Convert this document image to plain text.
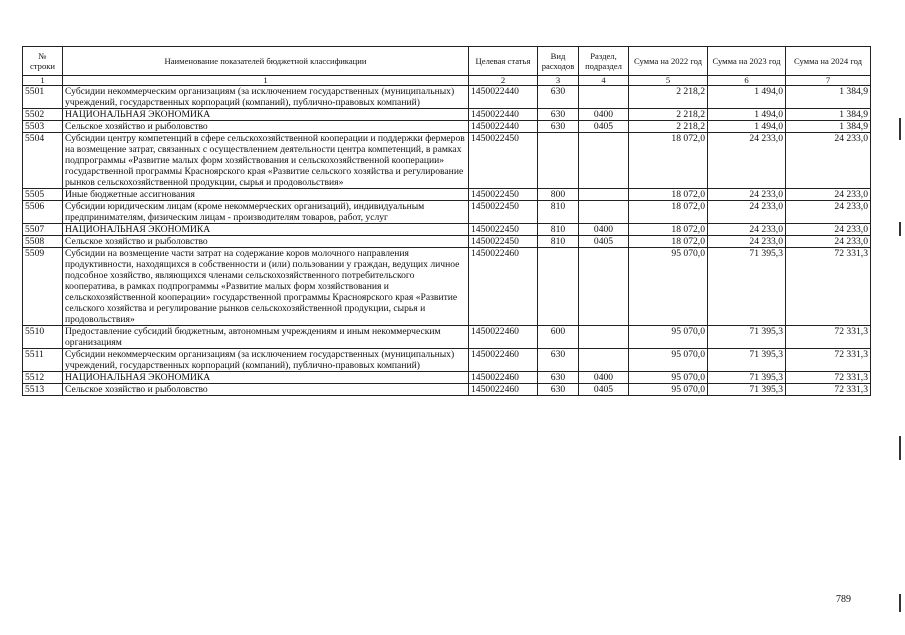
№
строки	Наименование показателей бюджетной классификации	Целевая статья	Вид расходов	Раздел, подраздел	Сумма на 2022 год	Сумма на 2023 год	Сумма на 2024 год
1	1	2	3	4	5	6	7
5501	Субсидии некоммерческим организациям (за исключением государственных (муниципальных) учреждений, государственных корпораций (компаний), публично-правовых компаний)	1450022440	630		2 218,2	1 494,0	1 384,9
5502	НАЦИОНАЛЬНАЯ ЭКОНОМИКА	1450022440	630	0400	2 218,2	1 494,0	1 384,9
5503	Сельское хозяйство и рыболовство	1450022440	630	0405	2 218,2	1 494,0	1 384,9
5504	Субсидии центру компетенций в сфере сельскохозяйственной кооперации и поддержки фермеров на возмещение затрат, связанных с осуществлением деятельности центра компетенций, в рамках подпрограммы «Развитие малых форм хозяйствования и сельскохозяйственной кооперации» государственной программы Красноярского края «Развитие сельского хозяйства и регулирование рынков сельскохозяйственной продукции, сырья и продовольствия»	1450022450			18 072,0	24 233,0	24 233,0
5505	Иные бюджетные ассигнования	1450022450	800		18 072,0	24 233,0	24 233,0
5506	Субсидии юридическим лицам (кроме некоммерческих организаций), индивидуальным предпринимателям, физическим лицам - производителям товаров, работ, услуг	1450022450	810		18 072,0	24 233,0	24 233,0
5507	НАЦИОНАЛЬНАЯ ЭКОНОМИКА	1450022450	810	0400	18 072,0	24 233,0	24 233,0
5508	Сельское хозяйство и рыболовство	1450022450	810	0405	18 072,0	24 233,0	24 233,0
5509	Субсидии на возмещение части затрат на содержание коров молочного направления продуктивности, находящихся в собственности и (или) пользовании у граждан, ведущих личное подсобное хозяйство, являющихся членами сельскохозяйственного потребительского кооператива, в рамках подпрограммы «Развитие малых форм хозяйствования и сельскохозяйственной кооперации» государственной программы Красноярского края «Развитие сельского хозяйства и регулирование рынков сельскохозяйственной продукции, сырья и продовольствия»	1450022460			95 070,0	71 395,3	72 331,3
5510	Предоставление субсидий бюджетным, автономным учреждениям и иным некоммерческим организациям	1450022460	600		95 070,0	71 395,3	72 331,3
5511	Субсидии некоммерческим организациям (за исключением государственных (муниципальных) учреждений, государственных корпораций (компаний), публично-правовых компаний)	1450022460	630		95 070,0	71 395,3	72 331,3
5512	НАЦИОНАЛЬНАЯ ЭКОНОМИКА	1450022460	630	0400	95 070,0	71 395,3	72 331,3
5513	Сельское хозяйство и рыболовство	1450022460	630	0405	95 070,0	71 395,3	72 331,3
789
